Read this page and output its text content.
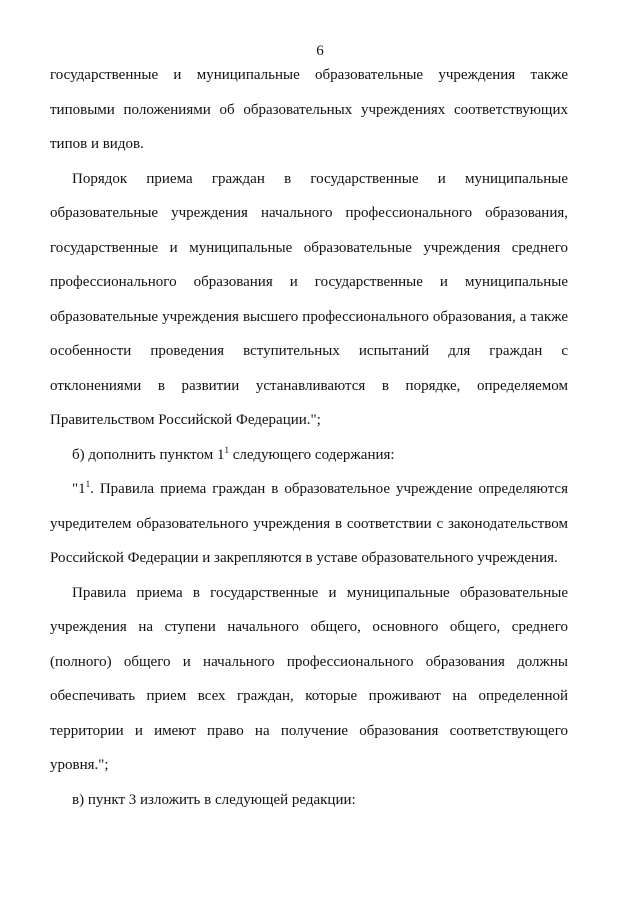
6

государственные и муниципальные образовательные учреждения также типовыми положениями об образовательных учреждениях соответствующих типов и видов.

Порядок приема граждан в государственные и муниципальные образовательные учреждения начального профессионального образования, государственные и муниципальные образовательные учреждения среднего профессионального образования и государственные и муниципальные образовательные учреждения высшего профессионального образования, а также особенности проведения вступительных испытаний для граждан с отклонениями в развитии устанавливаются в порядке, определяемом Правительством Российской Федерации.";

б) дополнить пунктом $1^1$ следующего содержания:

"$1^1$. Правила приема граждан в образовательное учреждение определяются учредителем образовательного учреждения в соответствии с законодательством Российской Федерации и закрепляются в уставе образовательного учреждения.

Правила приема в государственные и муниципальные образовательные учреждения на ступени начального общего, основного общего, среднего (полного) общего и начального профессионального образования должны обеспечивать прием всех граждан, которые проживают на определенной территории и имеют право на получение образования соответствующего уровня.";

в) пункт 3 изложить в следующей редакции:
